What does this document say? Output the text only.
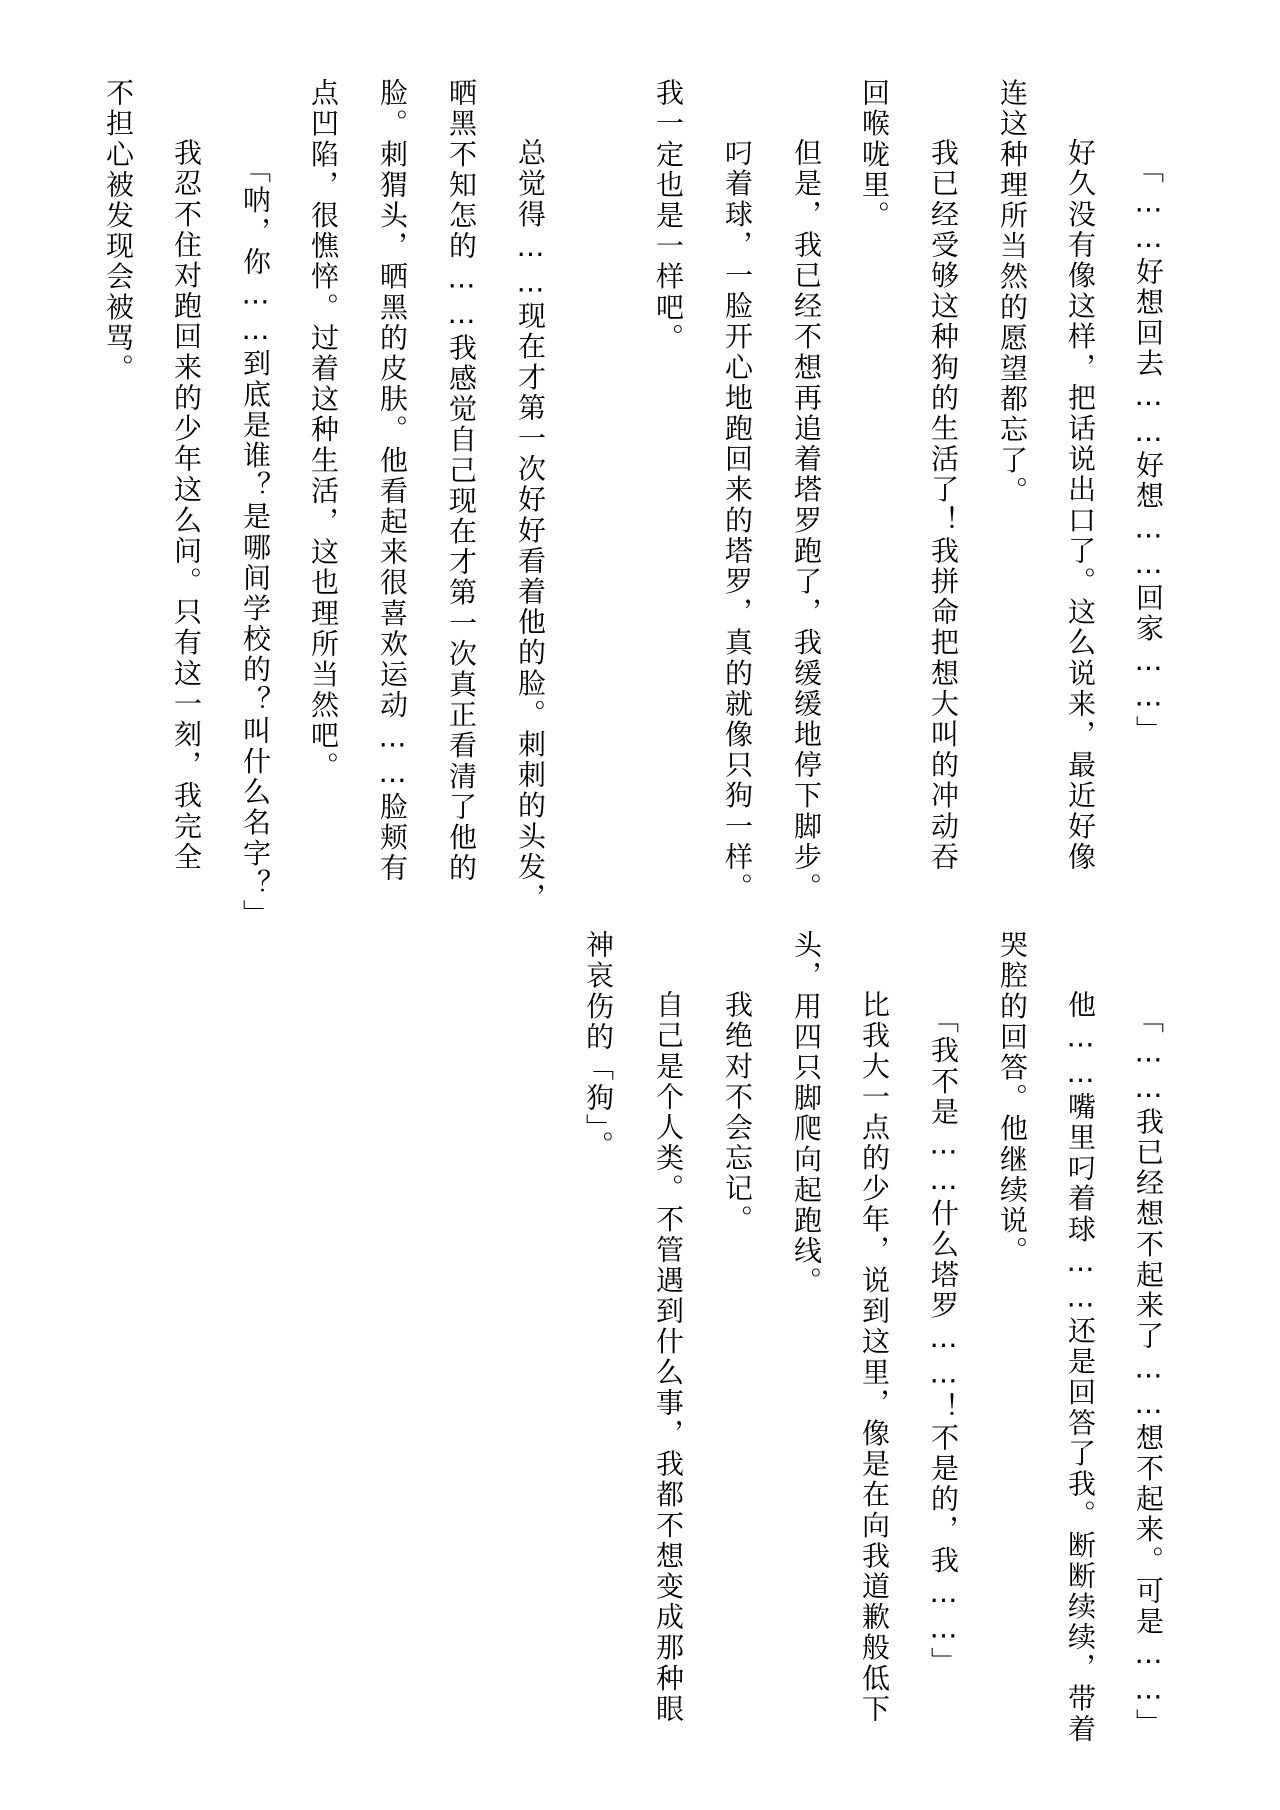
「……好想回去……好想……回家……」
好久没有像这样，把话说出口了。这么说来，最近好像
连这种理所当然的愿望都忘了。
我已经受够这种狗的生活了！我拼命把想大叫的冲动吞
回喉咙里。
但是，我已经不想再追着塔罗跑了，我缓缓地停下脚步。
叼着球，一脸开心地跑回来的塔罗，真的就像只狗一样。
我一定也是一样吧。
总觉得……现在才第一次好好看着他的脸。刺刺的头发，
晒黑不知怎的……我感觉自己现在才第一次真正看清了他的
脸。刺猬头，晒黑的皮肤。他看起来很喜欢运动……脸颊有
点凹陷，很憔悴。过着这种生活，这也理所当然吧。
「呐，你……到底是谁？是哪间学校的？叫什么名字？」
我忍不住对跑回来的少年这么问。只有这一刻，我完全
不担心被发现会被骂。
「……我已经想不起来了……想不起来。可是……」
他……嘴里叼着球……还是回答了我。断断续续，带着
哭腔的回答。他继续说。
「我不是……什么塔罗……！不是的，我……」
比我大一点的少年，说到这里，像是在向我道歉般低下
头，用四只脚爬向起跑线。
我绝对不会忘记。
自己是个人类。不管遇到什么事，我都不想变成那种眼
神哀伤的「狗」。
